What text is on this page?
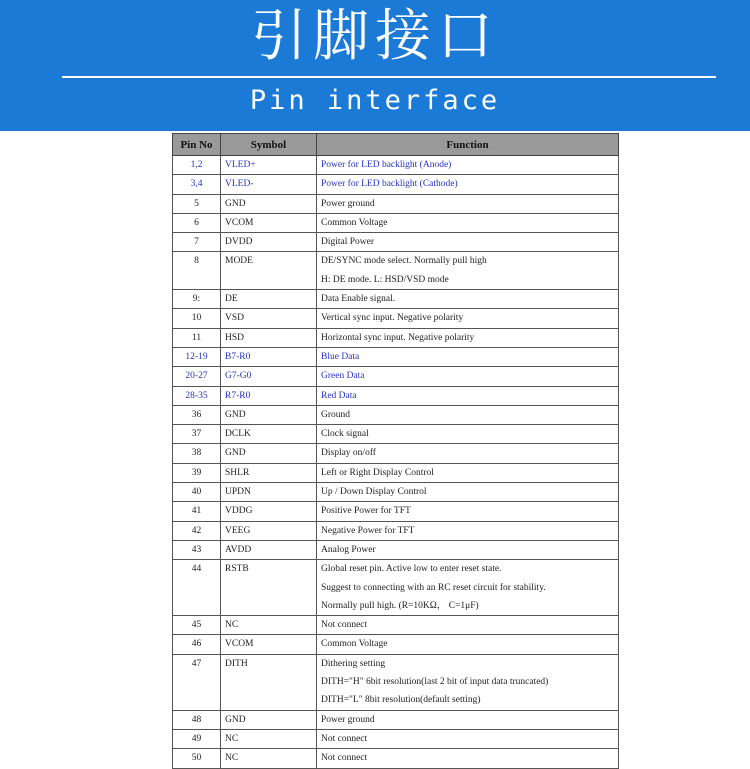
引脚接口
Pin interface
Pin No	Symbol	Function
1,2	VLED+	Power for LED backlight (Anode)

3,4	VLED-	Power for LED backlight (Cathode)

5	GND	Power ground

6	VCOM	Common Voltage

7	DVDD	Digital Power

8	MODE	DE/SYNC mode select. Normally pull high
H: DE mode. L: HSD/VSD mode

9:	DE	Data Enable signal.

10	VSD	Vertical sync input. Negative polarity

11	HSD	Horizontal sync input. Negative polarity

12-19	B7-R0	Blue Data

20-27	G7-G0	Green Data

28-35	R7-R0	Red Data

36	GND	Ground

37	DCLK	Clock signal

38	GND	Display on/off

39	SHLR	Left or Right Display Control

40	UPDN	Up / Down Display Control

41	VDDG	Positive Power for TFT

42	VEEG	Negative Power for TFT

43	AVDD	Analog Power

44	RSTB	Global reset pin. Active low to enter reset state.
Suggest to connecting with an RC reset circuit for stability.
Normally pull high. (R=10KΩ， C=1μF)

45	NC	Not connect

46	VCOM	Common Voltage

47	DITH	Dithering setting
DITH="H" 6bit resolution(last 2 bit of input data truncated)
DITH="L" 8bit resolution(default setting)

48	GND	Power ground

49	NC	Not connect

50	NC	Not connect
